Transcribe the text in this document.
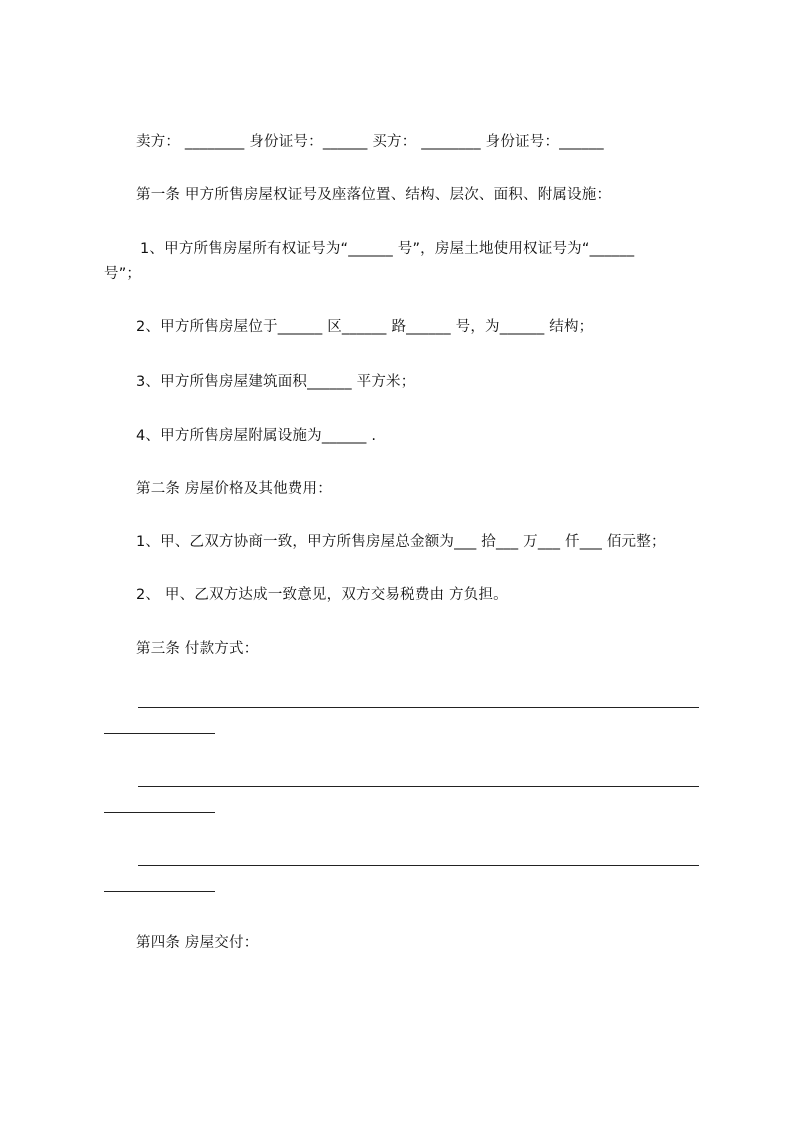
卖方： ________ 身份证号：______ 买方： ________ 身份证号：______
第一条 甲方所售房屋权证号及座落位置、结构、层次、面积、附属设施：
1、甲方所售房屋所有权证号为“______ 号”，房屋土地使用权证号为“______
号”；
2、甲方所售房屋位于______ 区______ 路______ 号，为______ 结构；
3、甲方所售房屋建筑面积______ 平方米；
4、甲方所售房屋附属设施为______ .
第二条 房屋价格及其他费用：
1、甲、乙双方协商一致，甲方所售房屋总金额为___ 拾___ 万___ 仟___ 佰元整；
2、 甲、乙双方达成一致意见，双方交易税费由 方负担。
第三条 付款方式：
第四条 房屋交付：
